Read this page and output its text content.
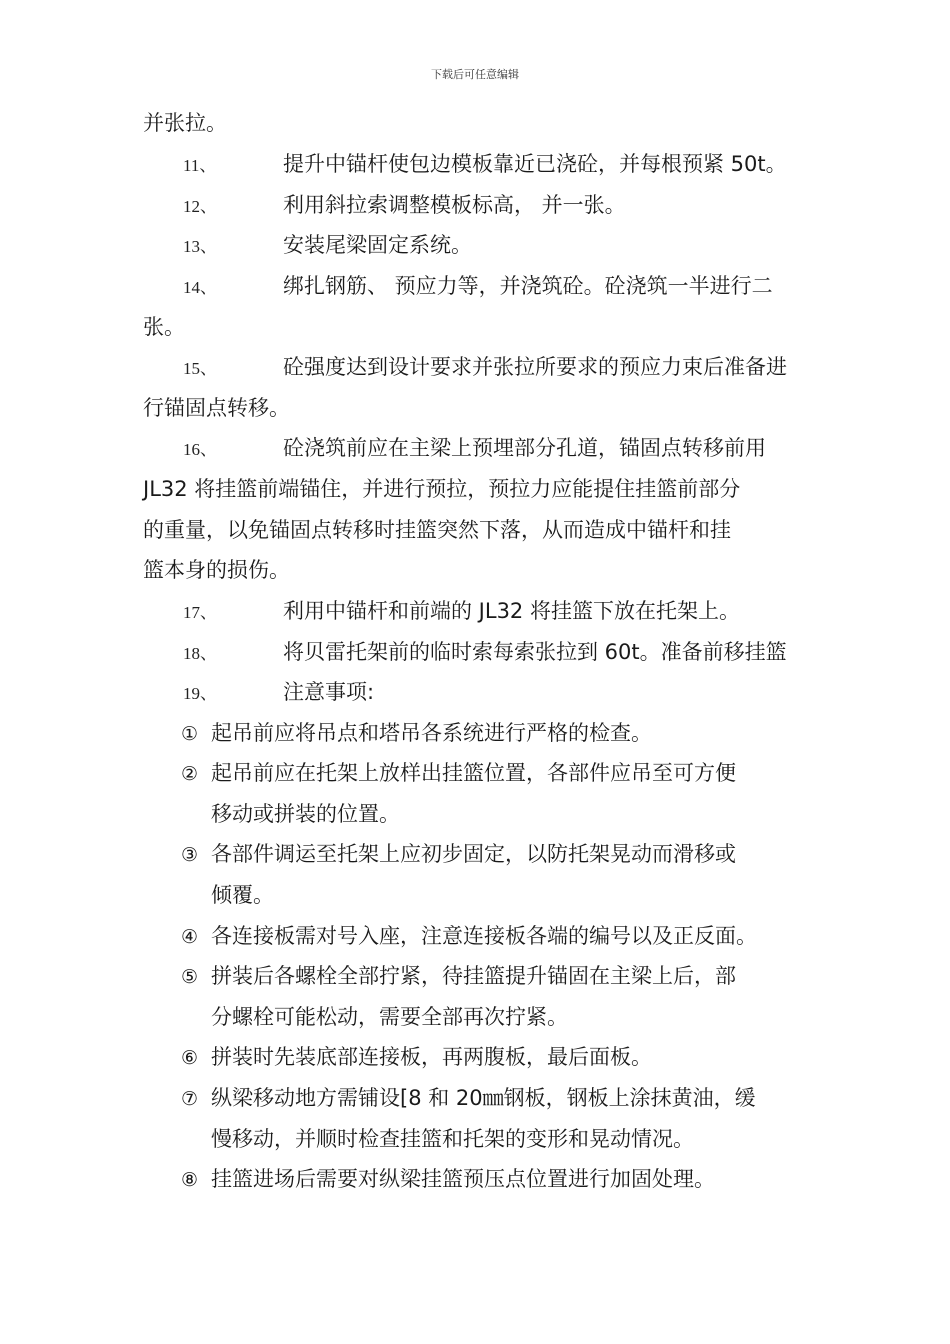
下载后可任意编辑
并张拉。
11、	提升中锚杆使包边模板靠近已浇砼，并每根预紧 50t。
12、	利用斜拉索调整模板标高， 并一张。
13、	安装尾梁固定系统。
14、	绑扎钢筋、 预应力等，并浇筑砼。砼浇筑一半进行二
张。
15、	砼强度达到设计要求并张拉所要求的预应力束后准备进
行锚固点转移。
16、	砼浇筑前应在主梁上预埋部分孔道，锚固点转移前用
JL32 将挂篮前端锚住，并进行预拉，预拉力应能提住挂篮前部分
的重量，以免锚固点转移时挂篮突然下落，从而造成中锚杆和挂
篮本身的损伤。
17、	利用中锚杆和前端的 JL32 将挂篮下放在托架上。
18、	将贝雷托架前的临时索每索张拉到 60t。准备前移挂篮
19、	注意事项:
① 起吊前应将吊点和塔吊各系统进行严格的检查。
② 起吊前应在托架上放样出挂篮位置，各部件应吊至可方便
移动或拼装的位置。
③ 各部件调运至托架上应初步固定，以防托架晃动而滑移或
倾覆。
④ 各连接板需对号入座，注意连接板各端的编号以及正反面。
⑤ 拼装后各螺栓全部拧紧，待挂篮提升锚固在主梁上后，部
分螺栓可能松动，需要全部再次拧紧。
⑥ 拼装时先装底部连接板，再两腹板，最后面板。
⑦ 纵梁移动地方需铺设[8 和 20㎜钢板，钢板上涂抹黄油，缓
慢移动，并顺时检查挂篮和托架的变形和晃动情况。
⑧ 挂篮进场后需要对纵梁挂篮预压点位置进行加固处理。
